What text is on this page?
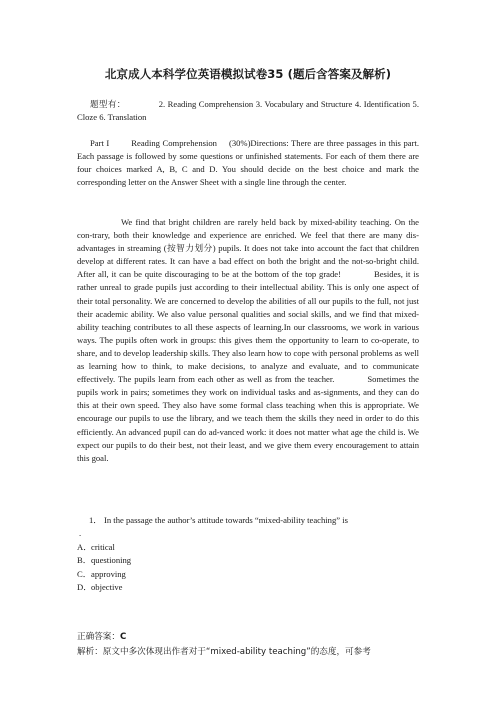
北京成人本科学位英语模拟试卷35 (题后含答案及解析)
题型有：	2. Reading Comprehension 3. Vocabulary and Structure 4. Identification 5. Cloze 6. Translation
Part I	Reading Comprehension (30%)Directions: There are three passages in this part. Each passage is followed by some questions or unfinished statements. For each of them there are four choices marked A, B, C and D. You should decide on the best choice and mark the corresponding letter on the Answer Sheet with a single line through the center.
We find that bright children are rarely held back by mixed-ability teaching. On the con-trary, both their knowledge and experience are enriched. We feel that there are many dis-advantages in streaming (按智力划分) pupils. It does not take into account the fact that children develop at different rates. It can have a bad effect on both the bright and the not-so-bright child. After all, it can be quite discouraging to be at the bottom of the top grade!	Besides, it is rather unreal to grade pupils just according to their intellectual ability. This is only one aspect of their total personality. We are concerned to develop the abilities of all our pupils to the full, not just their academic ability. We also value personal qualities and social skills, and we find that mixed-ability teaching contributes to all these aspects of learning.In our classrooms, we work in various ways. The pupils often work in groups: this gives them the opportunity to learn to co-operate, to share, and to develop leadership skills. They also learn how to cope with personal problems as well as learning how to think, to make decisions, to analyze and evaluate, and to communicate effectively. The pupils learn from each other as well as from the teacher.	Sometimes the pupils work in pairs; sometimes they work on individual tasks and as-signments, and they can do this at their own speed. They also have some formal class teaching when this is appropriate. We encourage our pupils to use the library, and we teach them the skills they need in order to do this efficiently. An advanced pupil can do ad-vanced work: it does not matter what age the child is. We expect our pupils to do their best, not their least, and we give them every encouragement to attain this goal.
1． In the passage the author’s attitude towards “mixed-ability teaching” is
.
A．critical
B．questioning
C．approving
D．objective
正确答案：C
解析：原文中多次体现出作者对于“mixed-ability teaching”的态度，可参考
